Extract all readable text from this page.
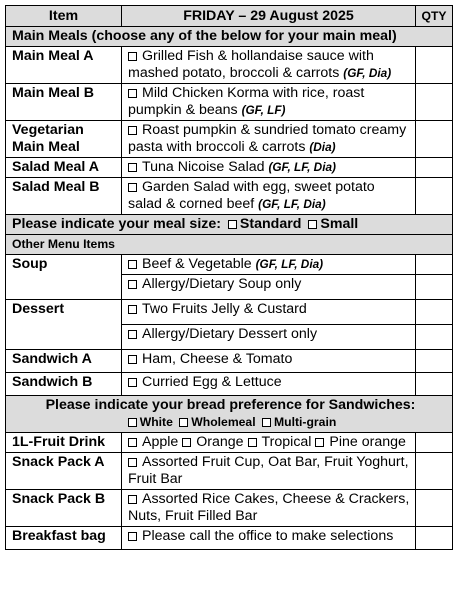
Item	FRIDAY – 29 August 2025	QTY
Main Meals (choose any of the below for your main meal)		
Main Meal A	Grilled Fish & hollandaise sauce with mashed potato, broccoli & carrots (GF, Dia)	
Main Meal B	Mild Chicken Korma with rice, roast pumpkin & beans (GF, LF)	
Vegetarian Main Meal	Roast pumpkin & sundried tomato creamy pasta with broccoli & carrots (Dia)	
Salad Meal A	Tuna Nicoise Salad (GF, LF, Dia)	
Salad Meal B	Garden Salad with egg, sweet potato salad & corned beef (GF, LF, Dia)	
Please indicate your meal size: Standard Small		
Other Menu Items		
Soup	Beef & Vegetable (GF, LF, Dia)	
	Allergy/Dietary Soup only	
Dessert	Two Fruits Jelly & Custard	
	Allergy/Dietary Dessert only	
Sandwich A	Ham, Cheese & Tomato	
Sandwich B	Curried Egg & Lettuce	

Please indicate your bread preference for Sandwiches:
White Wholemeal Multi-grain		

1L-Fruit Drink	Apple Orange Tropical Pine orange	
Snack Pack A	Assorted Fruit Cup, Oat Bar, Fruit Yoghurt, Fruit Bar	
Snack Pack B	Assorted Rice Cakes, Cheese & Crackers, Nuts, Fruit Filled Bar	
Breakfast bag	Please call the office to make selections	
